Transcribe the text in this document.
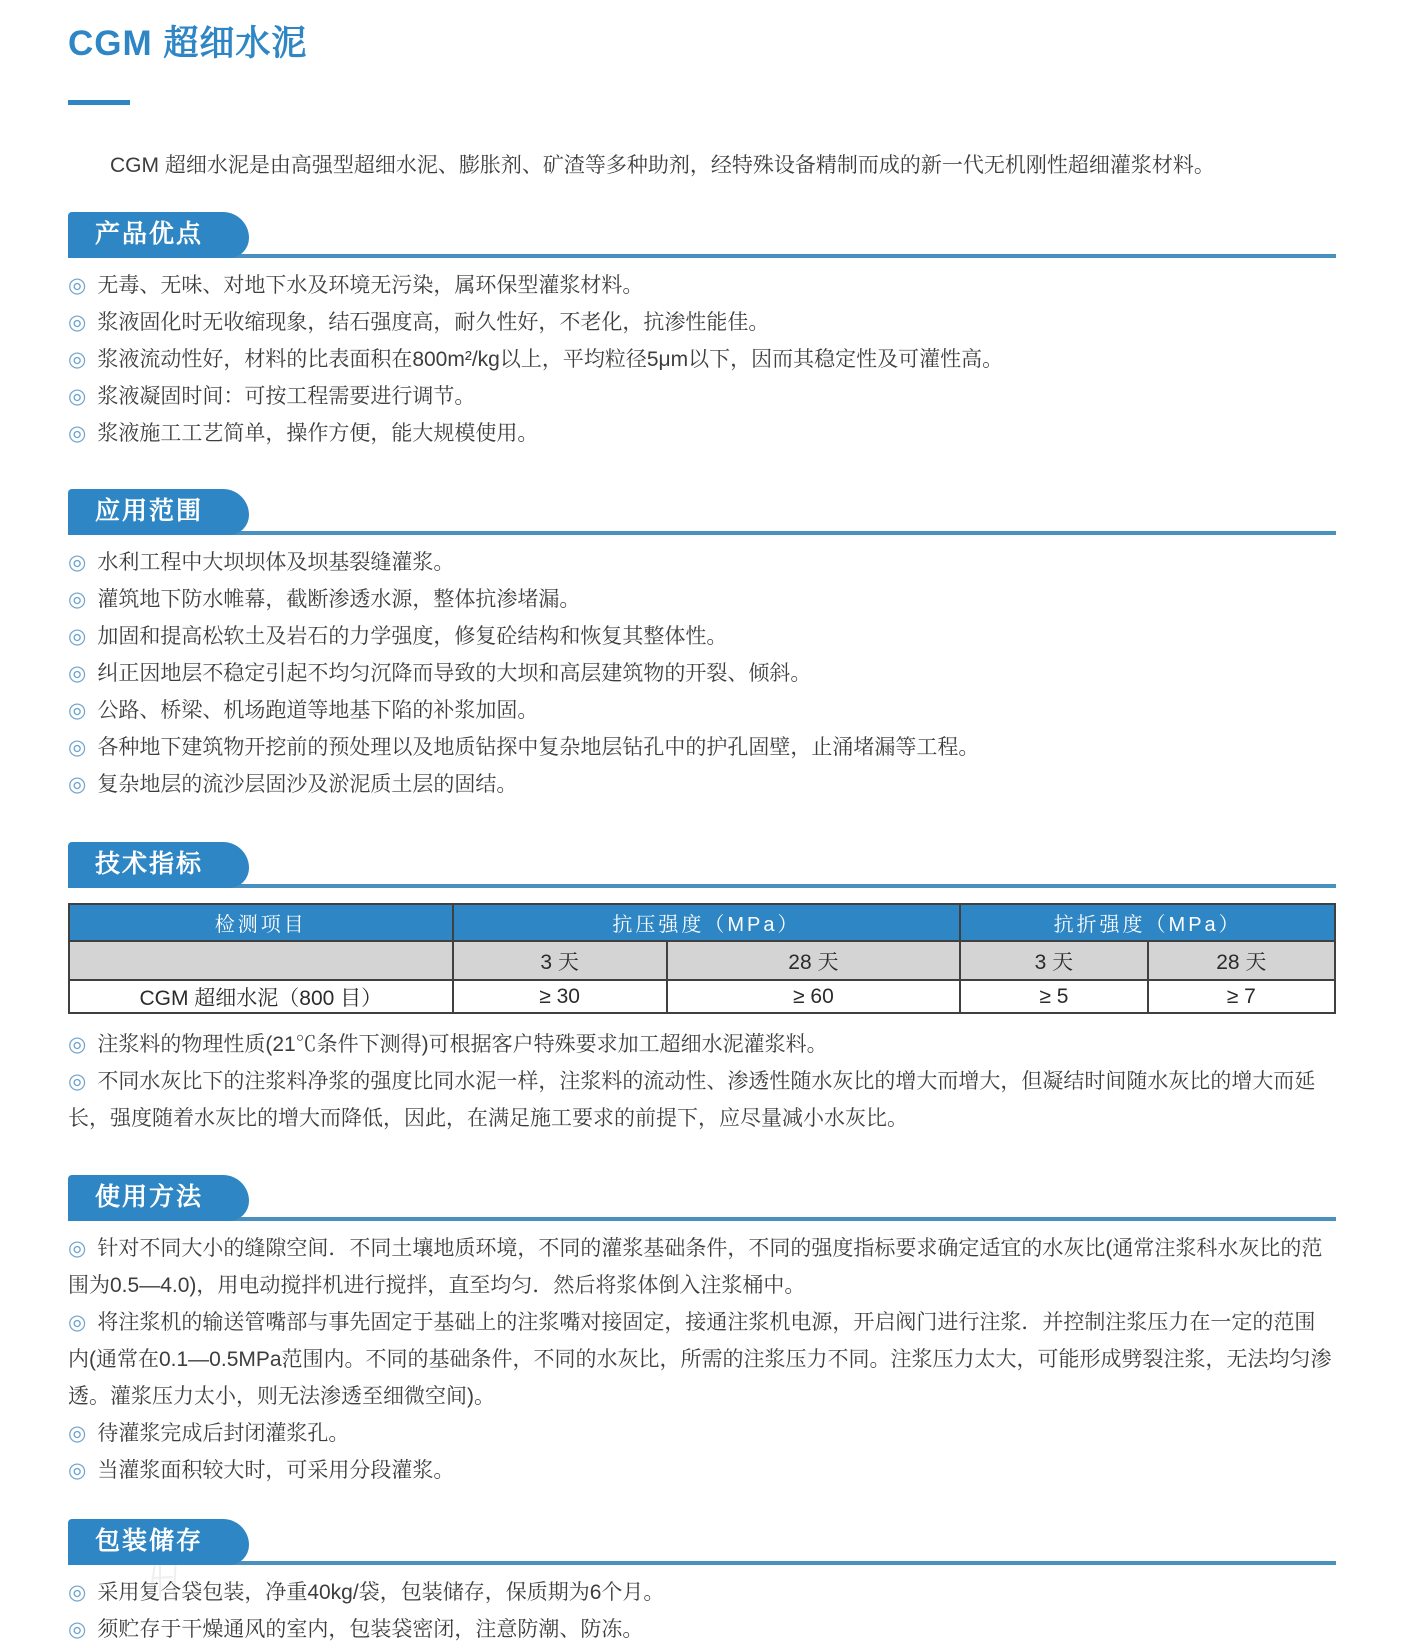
CGM 超细水泥
CGM 超细水泥是由高强型超细水泥、膨胀剂、矿渣等多种助剂，经特殊设备精制而成的新一代无机刚性超细灌浆材料。
产品优点
◎ 无毒、无味、对地下水及环境无污染，属环保型灌浆材料。
◎ 浆液固化时无收缩现象，结石强度高，耐久性好，不老化，抗渗性能佳。
◎ 浆液流动性好，材料的比表面积在800m²/kg以上，平均粒径5μm以下，因而其稳定性及可灌性高。
◎ 浆液凝固时间：可按工程需要进行调节。
◎ 浆液施工工艺简单，操作方便，能大规模使用。
应用范围
◎ 水利工程中大坝坝体及坝基裂缝灌浆。
◎ 灌筑地下防水帷幕，截断渗透水源，整体抗渗堵漏。
◎ 加固和提高松软土及岩石的力学强度，修复砼结构和恢复其整体性。
◎ 纠正因地层不稳定引起不均匀沉降而导致的大坝和高层建筑物的开裂、倾斜。
◎ 公路、桥梁、机场跑道等地基下陷的补浆加固。
◎ 各种地下建筑物开挖前的预处理以及地质钻探中复杂地层钻孔中的护孔固壁，止涌堵漏等工程。
◎ 复杂地层的流沙层固沙及淤泥质土层的固结。
技术指标
检测项目	抗压强度（MPa）		抗折强度（MPa）	
	3 天	28 天	3 天	28 天
CGM 超细水泥（800 目）	≥ 30	≥ 60	≥ 5	≥ 7
◎ 注浆料的物理性质(21℃条件下测得)可根据客户特殊要求加工超细水泥灌浆料。
◎ 不同水灰比下的注浆料净浆的强度比同水泥一样，注浆料的流动性、渗透性随水灰比的增大而增大，但凝结时间随水灰比的增大而延长，强度随着水灰比的增大而降低，因此，在满足施工要求的前提下，应尽量减小水灰比。
使用方法
◎ 针对不同大小的缝隙空间．不同土壤地质环境，不同的灌浆基础条件，不同的强度指标要求确定适宜的水灰比(通常注浆科水灰比的范围为0.5—4.0)，用电动搅拌机进行搅拌，直至均匀．然后将浆体倒入注浆桶中。
◎ 将注浆机的输送管嘴部与事先固定于基础上的注浆嘴对接固定，接通注浆机电源，开启阀门进行注浆．并控制注浆压力在一定的范围内(通常在0.1—0.5MPa范围内。不同的基础条件，不同的水灰比，所需的注浆压力不同。注浆压力太大，可能形成劈裂注浆，无法均匀渗透。灌浆压力太小，则无法渗透至细微空间)。
◎ 待灌浆完成后封闭灌浆孔。
◎ 当灌浆面积较大时，可采用分段灌浆。
包装储存
◎ 采用复合袋包装，净重40kg/袋，包装储存，保质期为6个月。
◎ 须贮存于干燥通风的室内，包装袋密闭，注意防潮、防冻。
